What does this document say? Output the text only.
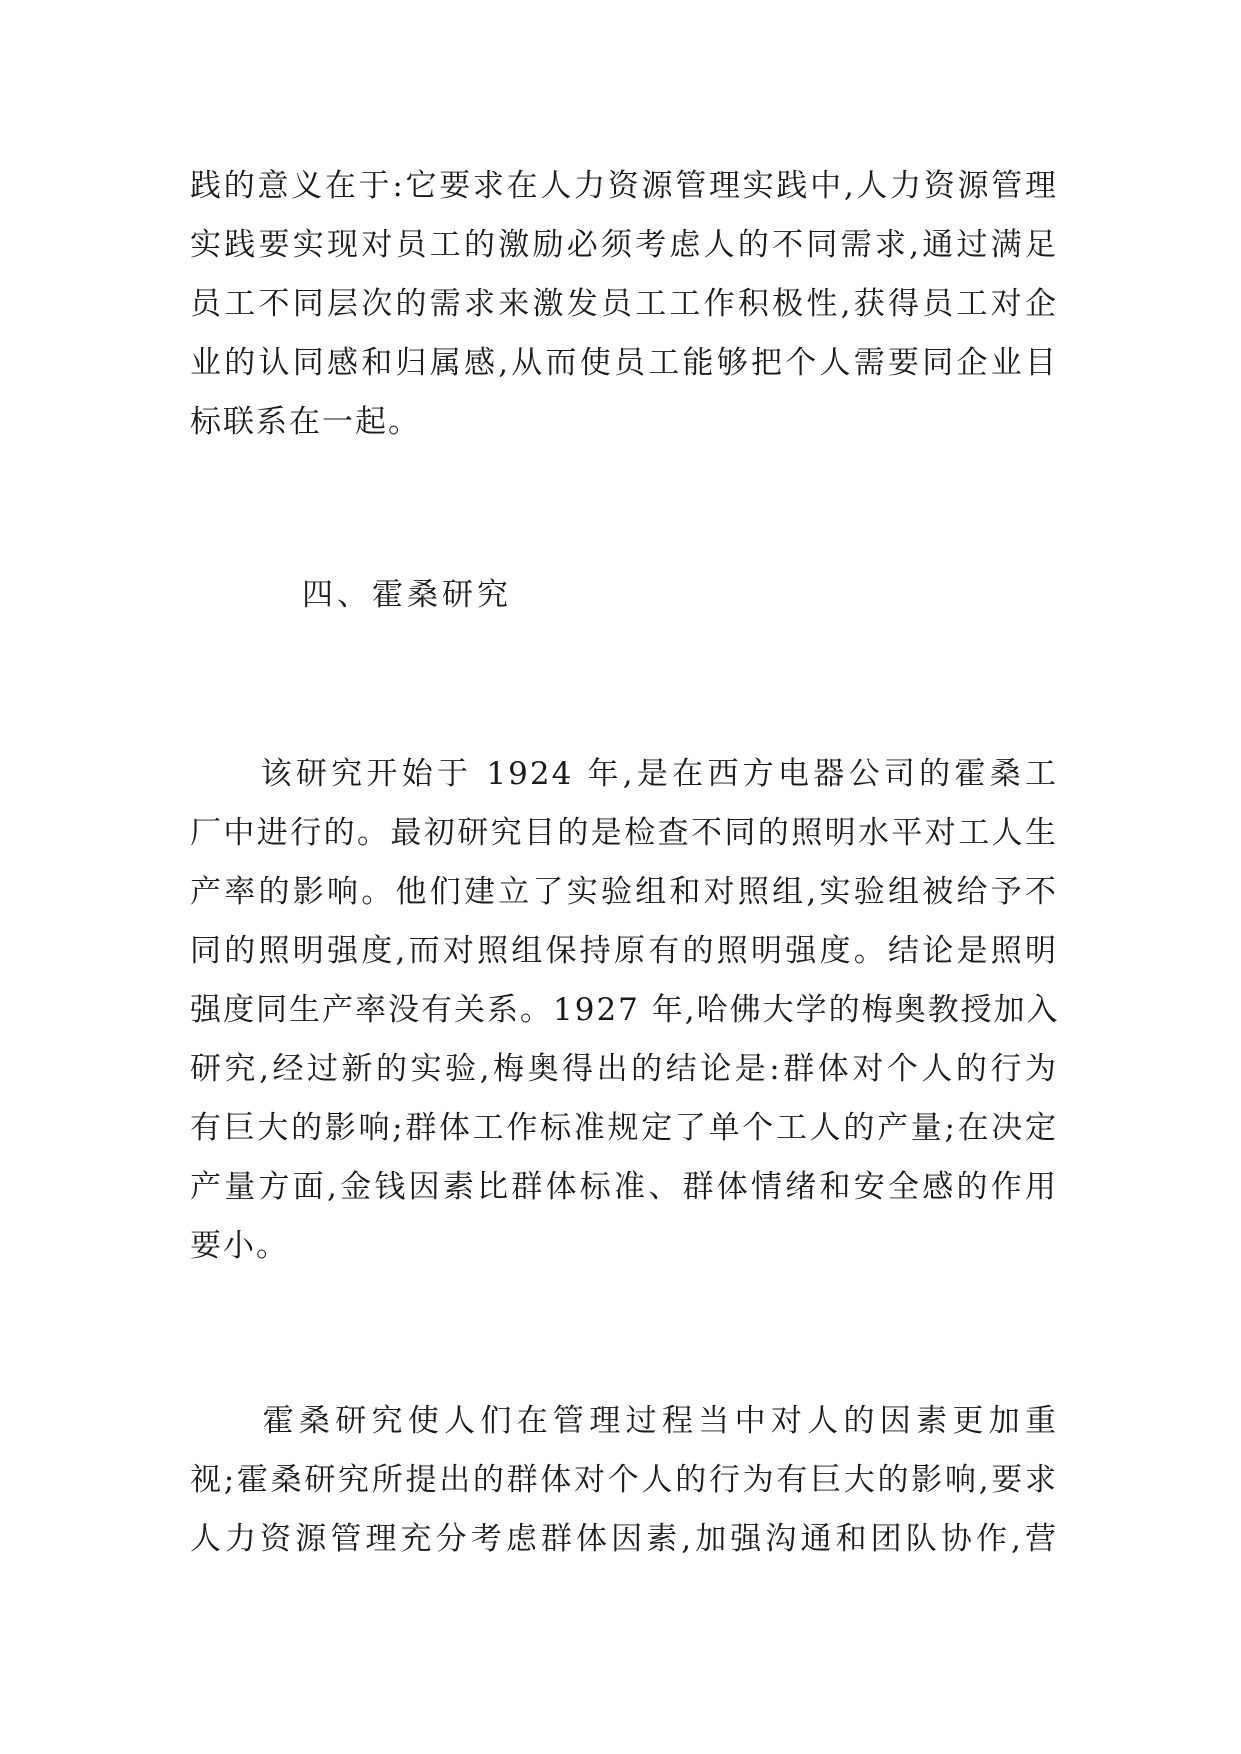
践的意义在于:它要求在人力资源管理实践中,人力资源管理
实践要实现对员工的激励必须考虑人的不同需求,通过满足
员工不同层次的需求来激发员工工作积极性,获得员工对企
业的认同感和归属感,从而使员工能够把个人需要同企业目
标联系在一起。
四、霍桑研究
　　该研究开始于 1924 年,是在西方电器公司的霍桑工
厂中进行的。最初研究目的是检查不同的照明水平对工人生
产率的影响。他们建立了实验组和对照组,实验组被给予不
同的照明强度,而对照组保持原有的照明强度。结论是照明
强度同生产率没有关系。1927 年,哈佛大学的梅奥教授加入
研究,经过新的实验,梅奥得出的结论是:群体对个人的行为
有巨大的影响;群体工作标准规定了单个工人的产量;在决定
产量方面,金钱因素比群体标准、群体情绪和安全感的作用
要小。
　　霍桑研究使人们在管理过程当中对人的因素更加重
视;霍桑研究所提出的群体对个人的行为有巨大的影响,要求
人力资源管理充分考虑群体因素,加强沟通和团队协作,营
